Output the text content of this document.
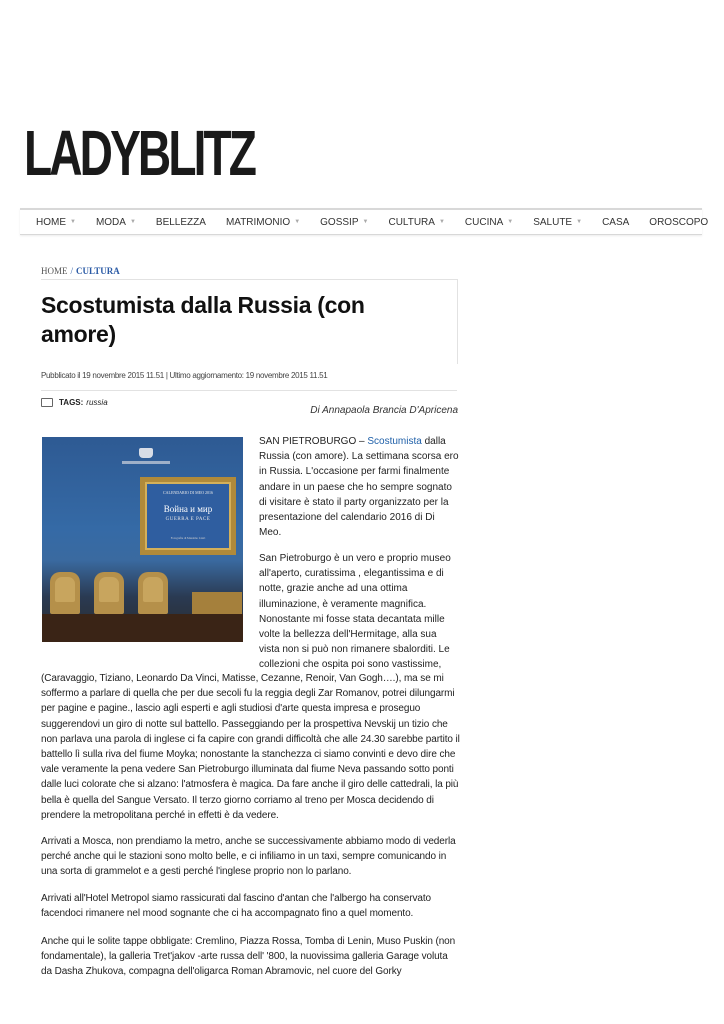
LADYBLITZ
HOME ▼ MODA ▼ BELLEZZA MATRIMONIO ▼ GOSSIP ▼ CULTURA ▼ CUCINA ▼ SALUTE ▼ CASA OROSCOPO
HOME / CULTURA
Scostumista dalla Russia (con amore)
Pubblicato il 19 novembre 2015 11.51 | Ultimo aggiornamento: 19 novembre 2015 11.51
TAGS: russia
Di Annapaola Brancia D'Apricena
CALENDARIO DI MEO 2016
Война и мир
GUERRA E PACE
Fotografie di Massimo Listri

SAN PIETROBURGO – Scostumista dalla Russia (con amore). La settimana scorsa ero in Russia. L'occasione per farmi finalmente andare in un paese che ho sempre sognato di visitare è stato il party organizzato per la presentazione del calendario 2016 di Di Meo.

San Pietroburgo è un vero e proprio museo all'aperto, curatissima , elegantissima e di notte, grazie anche ad una ottima illuminazione, è veramente magnifica. Nonostante mi fosse stata decantata mille volte la bellezza dell'Hermitage, alla sua vista non si può non rimanere sbalorditi. Le collezioni che ospita poi sono vastissime,

(Caravaggio, Tiziano, Leonardo Da Vinci, Matisse, Cezanne, Renoir, Van Gogh….), ma se mi soffermo a parlare di quella che per due secoli fu la reggia degli Zar Romanov, potrei dilungarmi per pagine e pagine., lascio agli esperti e agli studiosi d'arte questa impresa e proseguo suggerendovi un giro di notte sul battello. Passeggiando per la prospettiva Nevskij un tizio che non parlava una parola di inglese ci fa capire con grandi difficoltà che alle 24.30 sarebbe partito il battello lì sulla riva del fiume Moyka; nonostante la stanchezza ci siamo convinti e devo dire che vale veramente la pena vedere San Pietroburgo illuminata dal fiume Neva passando sotto ponti dalle luci colorate che si alzano: l'atmosfera è magica. Da fare anche il giro delle cattedrali, la più bella è quella del Sangue Versato. Il terzo giorno corriamo al treno per Mosca decidendo di prendere la metropolitana perché in effetti è da vedere.

Arrivati a Mosca, non prendiamo la metro, anche se successivamente abbiamo modo di vederla perché anche qui le stazioni sono molto belle, e ci infiliamo in un taxi, sempre comunicando in una sorta di grammelot e a gesti perché l'inglese proprio non lo parlano.

Arrivati all'Hotel Metropol siamo rassicurati dal fascino d'antan che l'albergo ha conservato facendoci rimanere nel mood sognante che ci ha accompagnato fino a quel momento.

Anche qui le solite tappe obbligate: Cremlino, Piazza Rossa, Tomba di Lenin, Muso Puskin (non fondamentale), la galleria Tret'jakov -arte russa dell' '800, la nuovissima galleria Garage voluta da Dasha Zhukova, compagna dell'oligarca Roman Abramovic, nel cuore del Gorky
